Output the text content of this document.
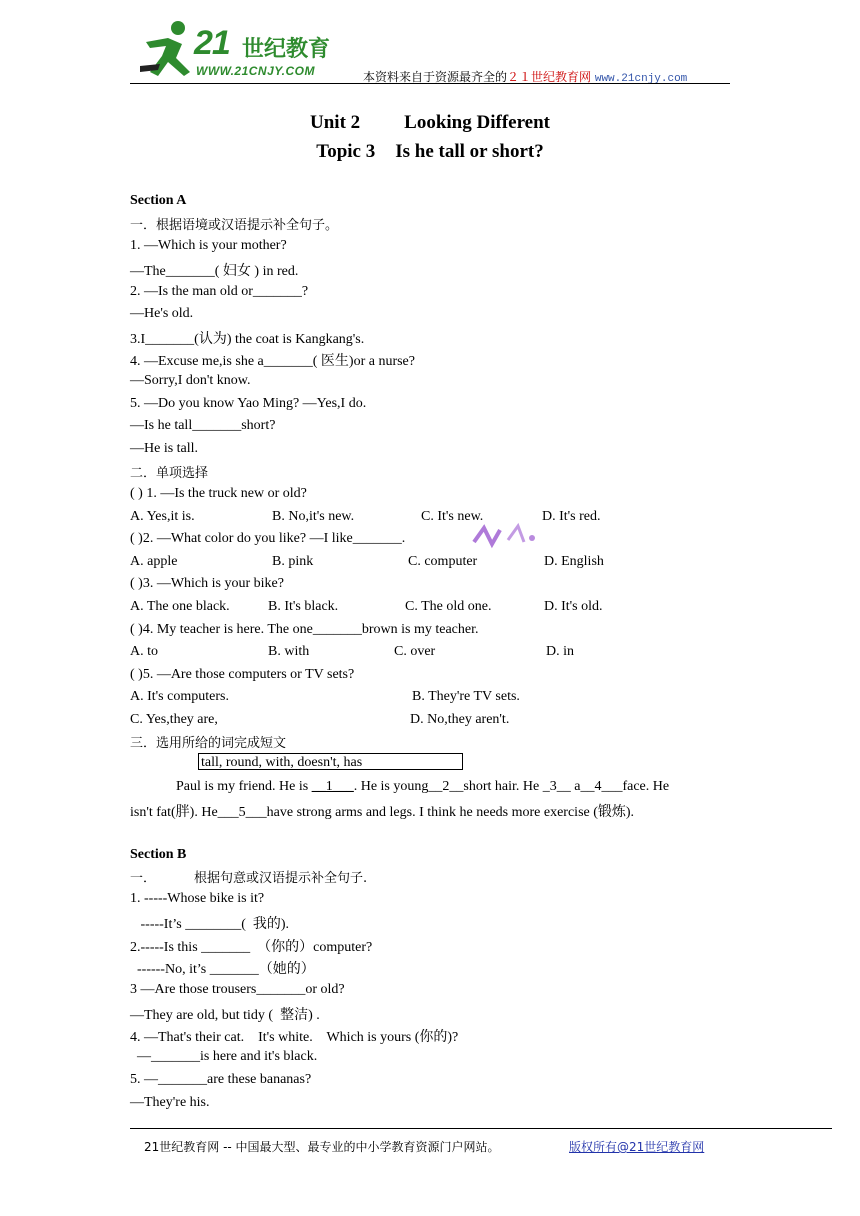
21 世纪教育
WWW.21CNJY.COM	本资料来自于资源最齐全的２１世纪教育网 www.21cnjy.com
Unit 2 Looking Different
Topic 3 Is he tall or short?
Section A
一．根据语境或汉语提示补全句子。
1. —Which is your mother?
—The_______( 妇女 ) in red.
2. —Is the man old or_______?
—He's old.
3.I_______(认为) the coat is Kangkang's.
4. —Excuse me,is she a_______( 医生)or a nurse?
—Sorry,I don't know.
5. —Do you know Yao Ming? —Yes,I do.
—Is he tall_______short?
—He is tall.
二．单项选择
( ) 1. —Is the truck new or old?
A. Yes,it is.	B. No,it's new.	C. It's new.	D. It's red.
( )2. —What color do you like? —I like_______.
A. apple	B. pink	C. computer	D. English
( )3. —Which is your bike?
A. The one black.	B. It's black.	C. The old one.	D. It's old.
( )4. My teacher is here. The one_______brown is my teacher.
A. to	B. with	C. over	D. in
( )5. —Are those computers or TV sets?
A. It's computers.	B. They're TV sets.
C. Yes,they are,	D. No,they aren't.
三．选用所给的词完成短文
tall, round, with, doesn't, has
Paul is my friend. He is __1___. He is young__2__short hair. He _3__ a__4___face. He
isn't fat(胖). He___5___have strong arms and legs. I think he needs more exercise (锻炼).
Section B
一．	根据句意或汉语提示补全句子.
1. -----Whose bike is it?
-----It’s ________(  我的).
2.-----Is this _______  （你的）computer?
------No, it’s _______（她的）
3 —Are those trousers_______or old?
—They are old, but tidy (  整洁) .
4. —That's their cat.    It's white.    Which is yours (你的)?
—_______is here and it's black.
5. —_______are these bananas?
—They're his.
21世纪教育网 -- 中国最大型、最专业的中小学教育资源门户网站。	版权所有@21世纪教育网
